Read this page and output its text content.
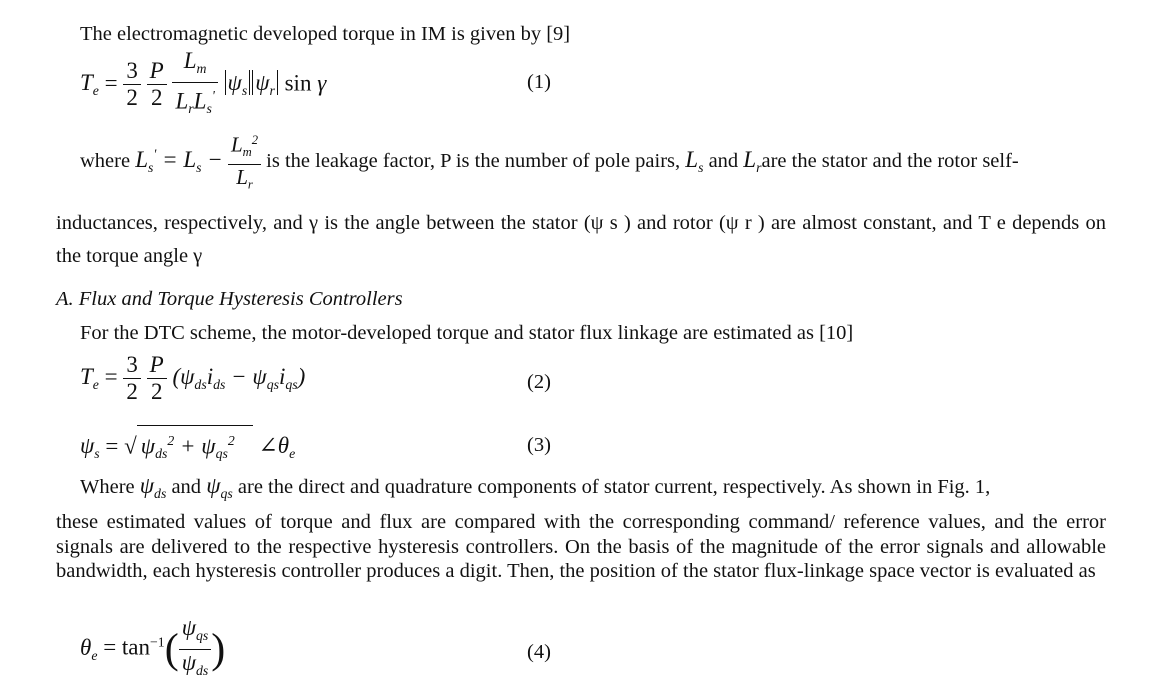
The electromagnetic developed torque in IM is given by [9]

$T_e = \frac{3}{2}$
$\frac{P}{2}$
$\frac{L_m}{L_rL_s'} \psi_s$ $\psi_r$ sin γ	(1)
where $L_s' = L_s - \frac{L_m^2}{L_r}$ is the leakage factor, P is the number of pole pairs, $L_s$ and $L_rare$ the stator and the rotor self-

inductances, respectively, and γ is the angle between the stator (ψ s ) and rotor (ψ r ) are almost constant, and T e depends on the torque angle γ

A. Flux and Torque Hysteresis Controllers

For the DTC scheme, the motor-developed torque and stator flux linkage are estimated as [10]

$T_e = \frac{3}{2}$
$\frac{P}{2} (\psi_{ds}i_{ds} - \psi_{qs}i_{qs})$	(2)
$\psi_s$ = √ $\psi_{ds}^2 + \psi_{qs}^2$ $\angle\theta_e$	(3)
Where $\psi_{ds}$ and $\psi_{qs}$ are the direct and quadrature components of stator current, respectively. As shown in Fig. 1,

these estimated values of torque and flux are compared with the corresponding command/ reference values, and the error signals are delivered to the respective hysteresis controllers. On the basis of the magnitude of the error signals and allowable bandwidth, each hysteresis controller produces a digit. Then, the position of the stator flux-linkage space vector is evaluated as

$\theta_e = \tan^{-1}( \frac{\psi_{qs}}{\psi_{ds}}$ )	(4)
